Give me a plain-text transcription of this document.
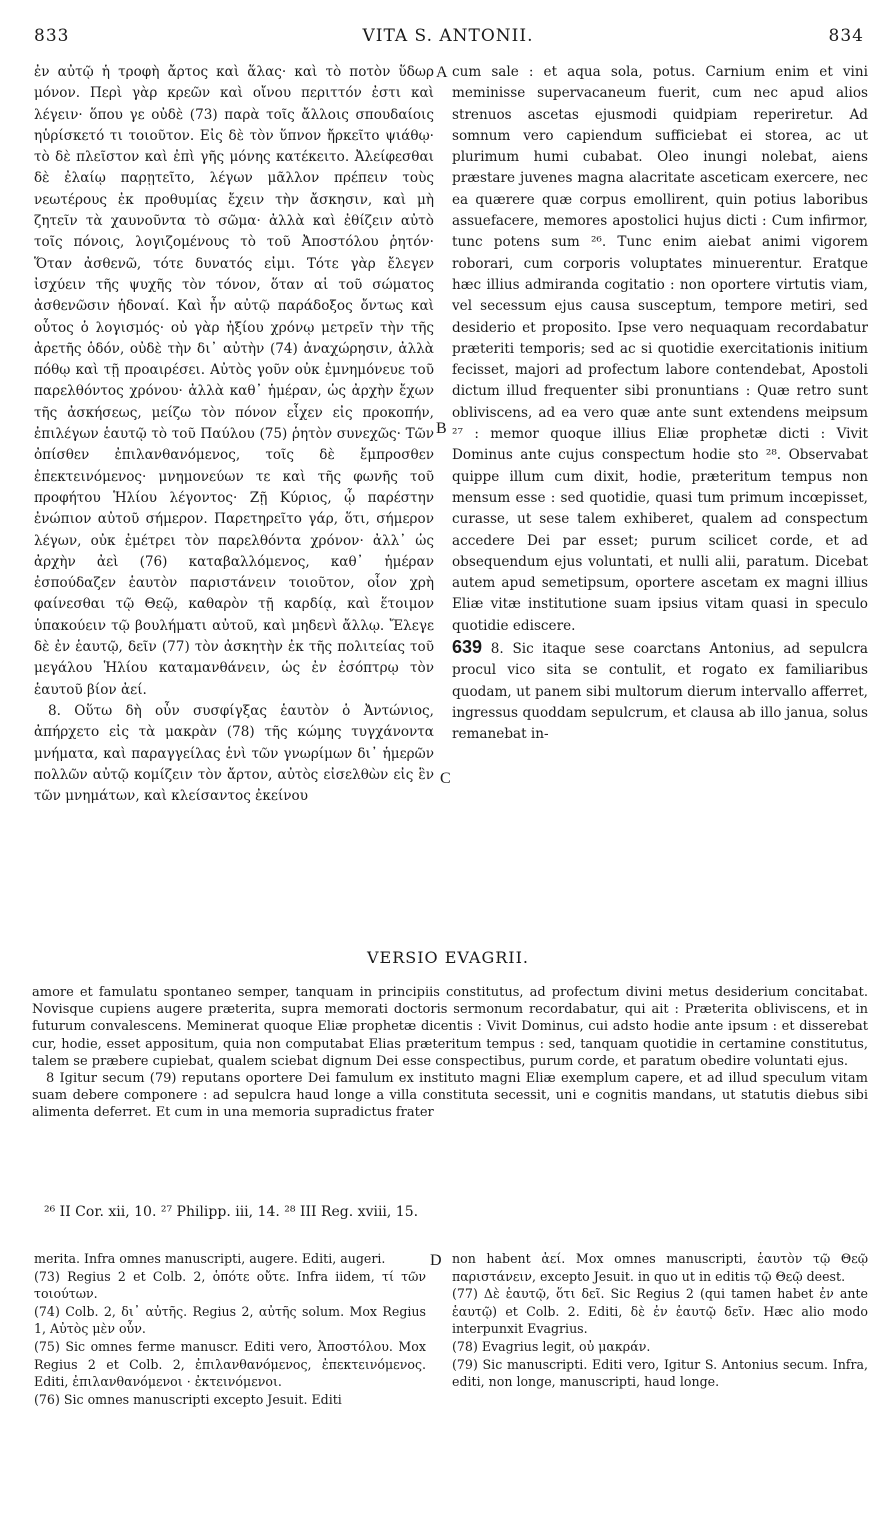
833	VITA S. ANTONII.	834

ἐν αὐτῷ ἡ τροφὴ ἄρτος καὶ ἅλας· καὶ τὸ ποτὸν ὕδωρ μόνον. Περὶ γὰρ κρεῶν καὶ οἴνου περιττόν ἐστι καὶ λέγειν· ὅπου γε οὐδὲ (73) παρὰ τοῖς ἄλλοις σπουδαίοις ηὑρίσκετό τι τοιοῦτον. Εἰς δὲ τὸν ὕπνον ἤρκεῖτο ψιάθῳ· τὸ δὲ πλεῖστον καὶ ἐπὶ γῆς μόνης κατέκειτο. Ἀλείφεσθαι δὲ ἐλαίῳ παρῃτεῖτο, λέγων μᾶλλον πρέπειν τοὺς νεωτέρους ἐκ προθυμίας ἔχειν τὴν ἄσκησιν, καὶ μὴ ζητεῖν τὰ χαυνοῦντα τὸ σῶμα· ἀλλὰ καὶ ἐθίζειν αὐτὸ τοῖς πόνοις, λογιζομένους τὸ τοῦ Ἀποστόλου ῥητόν· Ὅταν ἀσθενῶ, τότε δυνατός εἰμι. Τότε γὰρ ἔλεγεν ἰσχύειν τῆς ψυχῆς τὸν τόνον, ὅταν αἱ τοῦ σώματος ἀσθενῶσιν ἡδοναί. Καὶ ἦν αὐτῷ παράδοξος ὄντως καὶ οὗτος ὁ λογισμός· οὐ γὰρ ἠξίου χρόνῳ μετρεῖν τὴν τῆς ἀρετῆς ὁδόν, οὐδὲ τὴν δι᾽ αὐτὴν (74) ἀναχώρησιν, ἀλλὰ πόθῳ καὶ τῇ προαιρέσει. Αὐτὸς γοῦν οὐκ ἐμνημόνευε τοῦ παρελθόντος χρόνου· ἀλλὰ καθ᾽ ἡμέραν, ὡς ἀρχὴν ἔχων τῆς ἀσκήσεως, μείζω τὸν πόνον εἶχεν εἰς προκοπήν, ἐπιλέγων ἑαυτῷ τὸ τοῦ Παύλου (75) ῥητὸν συνεχῶς· Τῶν ὀπίσθεν ἐπιλανθανόμενος, τοῖς δὲ ἔμπροσθεν ἐπεκτεινόμενος· μνημονεύων τε καὶ τῆς φωνῆς τοῦ προφήτου Ἡλίου λέγοντος· Ζῇ Κύριος, ᾧ παρέστην ἐνώπιον αὐτοῦ σήμερον. Παρετηρεῖτο γάρ, ὅτι, σήμερον λέγων, οὐκ ἐμέτρει τὸν παρελθόντα χρόνον· ἀλλ᾽ ὡς ἀρχὴν ἀεὶ (76) καταβαλλόμενος, καθ᾽ ἡμέραν ἐσπούδαζεν ἑαυτὸν παριστάνειν τοιοῦτον, οἷον χρὴ φαίνεσθαι τῷ Θεῷ, καθαρὸν τῇ καρδίᾳ, καὶ ἕτοιμον ὑπακούειν τῷ βουλήματι αὐτοῦ, καὶ μηδενὶ ἄλλῳ. Ἔλεγε δὲ ἐν ἑαυτῷ, δεῖν (77) τὸν ἀσκητὴν ἐκ τῆς πολιτείας τοῦ μεγάλου Ἡλίου καταμανθάνειν, ὡς ἐν ἐσόπτρῳ τὸν ἑαυτοῦ βίον ἀεί.

8. Οὕτω δὴ οὖν συσφίγξας ἑαυτὸν ὁ Ἀντώνιος, ἀπήρχετο εἰς τὰ μακρὰν (78) τῆς κώμης τυγχάνοντα μνήματα, καὶ παραγγείλας ἑνὶ τῶν γνωρίμων δι᾽ ἡμερῶν πολλῶν αὐτῷ κομίζειν τὸν ἄρτον, αὐτὸς εἰσελθὼν εἰς ἓν τῶν μνημάτων, καὶ κλείσαντος ἐκείνου

A
B
C

cum sale : et aqua sola, potus. Carnium enim et vini meminisse supervacaneum fuerit, cum nec apud alios strenuos ascetas ejusmodi quidpiam reperiretur. Ad somnum vero capiendum sufficiebat ei storea, ac ut plurimum humi cubabat. Oleo inungi nolebat, aiens præstare juvenes magna alacritate asceticam exercere, nec ea quærere quæ corpus emollirent, quin potius laboribus assuefacere, memores apostolici hujus dicti : Cum infirmor, tunc potens sum ²⁶. Tunc enim aiebat animi vigorem roborari, cum corporis voluptates minuerentur. Eratque hæc illius admiranda cogitatio : non oportere virtutis viam, vel secessum ejus causa susceptum, tempore metiri, sed desiderio et proposito. Ipse vero nequaquam recordabatur præteriti temporis; sed ac si quotidie exercitationis initium fecisset, majori ad profectum labore contendebat, Apostoli dictum illud frequenter sibi pronuntians : Quæ retro sunt obliviscens, ad ea vero quæ ante sunt extendens meipsum ²⁷ : memor quoque illius Eliæ prophetæ dicti : Vivit Dominus ante cujus conspectum hodie sto ²⁸. Observabat quippe illum cum dixit, hodie, præteritum tempus non mensum esse : sed quotidie, quasi tum primum incœpisset, curasse, ut sese talem exhiberet, qualem ad conspectum accedere Dei par esset; purum scilicet corde, et ad obsequendum ejus voluntati, et nulli alii, paratum. Dicebat autem apud semetipsum, oportere ascetam ex magni illius Eliæ vitæ institutione suam ipsius vitam quasi in speculo quotidie ediscere.

639 8. Sic itaque sese coarctans Antonius, ad sepulcra procul vico sita se contulit, et rogato ex familiaribus quodam, ut panem sibi multorum dierum intervallo afferret, ingressus quoddam sepulcrum, et clausa ab illo janua, solus remanebat in-

VERSIO EVAGRII.

amore et famulatu spontaneo semper, tanquam in principiis constitutus, ad profectum divini metus desiderium concitabat. Novisque cupiens augere præterita, supra memorati doctoris sermonum recordabatur, qui ait : Præterita obliviscens, et in futurum convalescens. Meminerat quoque Eliæ prophetæ dicentis : Vivit Dominus, cui adsto hodie ante ipsum : et disserebat cur, hodie, esset appositum, quia non computabat Elias præteritum tempus : sed, tanquam quotidie in certamine constitutus, talem se præbere cupiebat, qualem sciebat dignum Dei esse conspectibus, purum corde, et paratum obedire voluntati ejus.

8 Igitur secum (79) reputans oportere Dei famulum ex instituto magni Eliæ exemplum capere, et ad illud speculum vitam suam debere componere : ad sepulcra haud longe a villa constituta secessit, uni e cognitis mandans, ut statutis diebus sibi alimenta deferret. Et cum in una memoria supradictus frater

²⁶ II Cor. xii, 10. ²⁷ Philipp. iii, 14. ²⁸ III Reg. xviii, 15.
D

merita. Infra omnes manuscripti, augere. Editi, augeri.

(73) Regius 2 et Colb. 2, ὁπότε οὔτε. Infra iidem, τί τῶν τοιούτων.

(74) Colb. 2, δι᾽ αὐτῆς. Regius 2, αὐτῆς solum. Mox Regius 1, Αὐτὸς μὲν οὖν.

(75) Sic omnes ferme manuscr. Editi vero, Ἀποστόλου. Mox Regius 2 et Colb. 2, ἐπιλανθανόμενος, ἐπεκτεινόμενος. Editi, ἐπιλανθανόμενοι · ἐκτεινόμενοι.

(76) Sic omnes manuscripti excepto Jesuit. Editi

non habent ἀεί. Mox omnes manuscripti, ἑαυτὸν τῷ Θεῷ παριστάνειν, excepto Jesuit. in quo ut in editis τῷ Θεῷ deest.

(77) Δὲ ἑαυτῷ, ὅτι δεῖ. Sic Regius 2 (qui tamen habet ἐν ante ἑαυτῷ) et Colb. 2. Editi, δὲ ἐν ἑαυτῷ δεῖν. Hæc alio modo interpunxit Evagrius.

(78) Evagrius legit, οὐ μακράν.

(79) Sic manuscripti. Editi vero, Igitur S. Antonius secum. Infra, editi, non longe, manuscripti, haud longe.
